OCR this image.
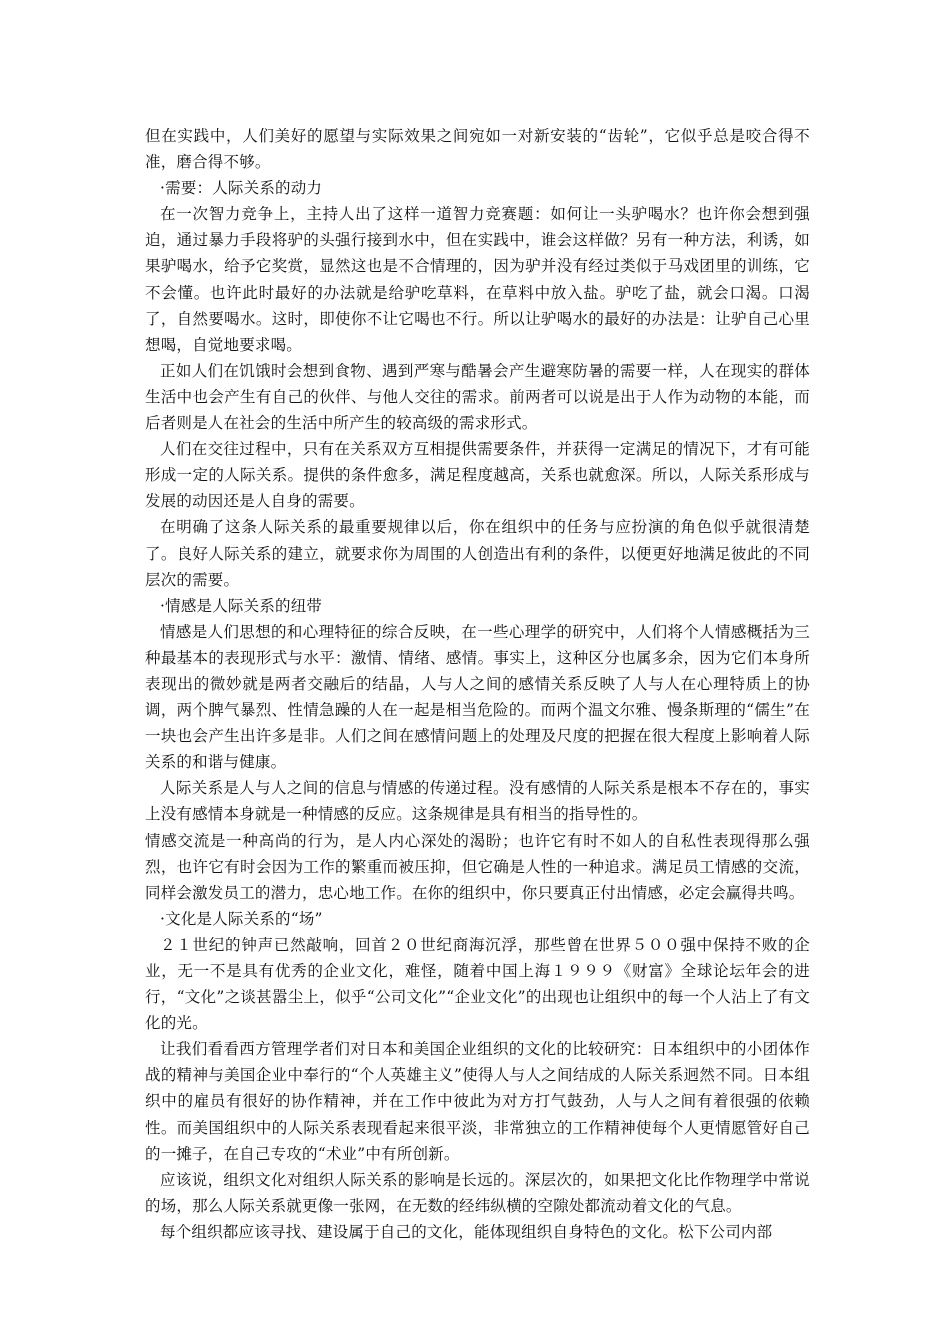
但在实践中，人们美好的愿望与实际效果之间宛如一对新安装的“齿轮”，它似乎总是咬合得不准，磨合得不够。

·需要：人际关系的动力

在一次智力竞争上，主持人出了这样一道智力竞赛题：如何让一头驴喝水？也许你会想到强迫，通过暴力手段将驴的头强行接到水中，但在实践中，谁会这样做？另有一种方法，利诱，如果驴喝水，给予它奖赏，显然这也是不合情理的，因为驴并没有经过类似于马戏团里的训练，它不会懂。也许此时最好的办法就是给驴吃草料，在草料中放入盐。驴吃了盐，就会口渴。口渴了，自然要喝水。这时，即使你不让它喝也不行。所以让驴喝水的最好的办法是：让驴自己心里想喝，自觉地要求喝。

正如人们在饥饿时会想到食物、遇到严寒与酷暑会产生避寒防暑的需要一样，人在现实的群体生活中也会产生有自己的伙伴、与他人交往的需求。前两者可以说是出于人作为动物的本能，而后者则是人在社会的生活中所产生的较高级的需求形式。

人们在交往过程中，只有在关系双方互相提供需要条件，并获得一定满足的情况下，才有可能形成一定的人际关系。提供的条件愈多，满足程度越高，关系也就愈深。所以，人际关系形成与发展的动因还是人自身的需要。

在明确了这条人际关系的最重要规律以后，你在组织中的任务与应扮演的角色似乎就很清楚了。良好人际关系的建立，就要求你为周围的人创造出有利的条件，以便更好地满足彼此的不同层次的需要。

·情感是人际关系的纽带

情感是人们思想的和心理特征的综合反映，在一些心理学的研究中，人们将个人情感概括为三种最基本的表现形式与水平：激情、情绪、感情。事实上，这种区分也属多余，因为它们本身所表现出的微妙就是两者交融后的结晶，人与人之间的感情关系反映了人与人在心理特质上的协调，两个脾气暴烈、性情急躁的人在一起是相当危险的。而两个温文尔雅、慢条斯理的“儒生”在一块也会产生出许多是非。人们之间在感情问题上的处理及尺度的把握在很大程度上影响着人际关系的和谐与健康。

人际关系是人与人之间的信息与情感的传递过程。没有感情的人际关系是根本不存在的，事实上没有感情本身就是一种情感的反应。这条规律是具有相当的指导性的。

情感交流是一种高尚的行为，是人内心深处的渴盼；也许它有时不如人的自私性表现得那么强烈，也许它有时会因为工作的繁重而被压抑，但它确是人性的一种追求。满足员工情感的交流，同样会激发员工的潜力，忠心地工作。在你的组织中，你只要真正付出情感，必定会赢得共鸣。

·文化是人际关系的“场”

２１世纪的钟声已然敲响，回首２０世纪商海沉浮，那些曾在世界５００强中保持不败的企业，无一不是具有优秀的企业文化，难怪，随着中国上海１９９９《财富》全球论坛年会的进行，“文化”之谈甚嚣尘上，似乎“公司文化”“企业文化”的出现也让组织中的每一个人沾上了有文化的光。

让我们看看西方管理学者们对日本和美国企业组织的文化的比较研究：日本组织中的小团体作战的精神与美国企业中奉行的“个人英雄主义”使得人与人之间结成的人际关系迥然不同。日本组织中的雇员有很好的协作精神，并在工作中彼此为对方打气鼓劲，人与人之间有着很强的依赖性。而美国组织中的人际关系表现看起来很平淡，非常独立的工作精神使每个人更情愿管好自己的一摊子，在自己专攻的“术业”中有所创新。

应该说，组织文化对组织人际关系的影响是长远的。深层次的，如果把文化比作物理学中常说的场，那么人际关系就更像一张网，在无数的经纬纵横的空隙处都流动着文化的气息。

每个组织都应该寻找、建设属于自己的文化，能体现组织自身特色的文化。松下公司内部
